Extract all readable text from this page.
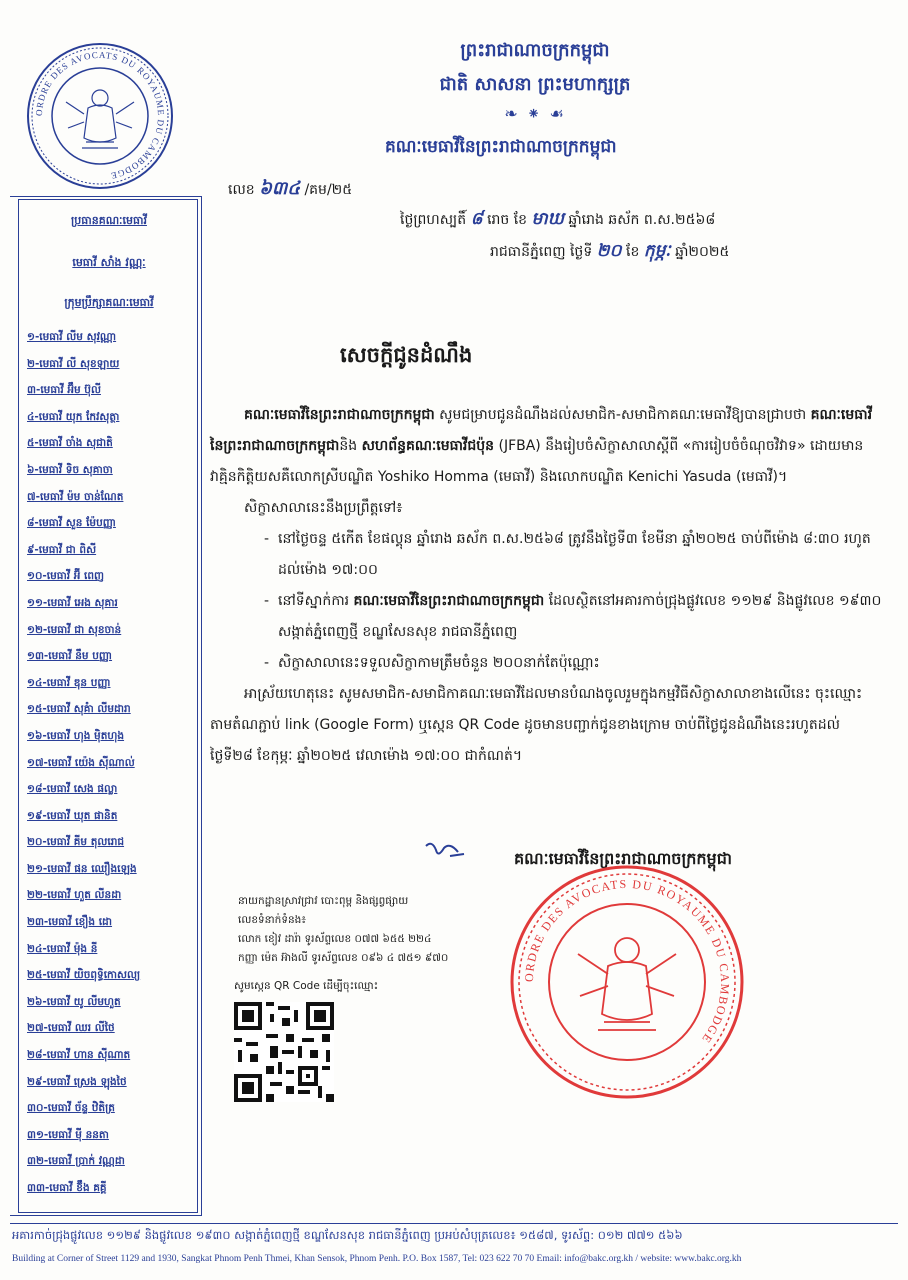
ORDRE DES AVOCATS DU ROYAUME DU CAMBODGE
ព្រះរាជាណាចក្រកម្ពុជា
ជាតិ សាសនា ព្រះមហាក្សត្រ
❧ ⁕ ☙
គណៈមេធាវីនៃព្រះរាជាណាចក្រកម្ពុជា
ប្រធានគណៈមេធាវី
មេធាវី សាំង វណ្ណៈ
ក្រុមប្រឹក្សាគណៈមេធាវី
១-មេធាវី លីម សុវណ្ណា
២-មេធាវី លី សុខឡាយ
៣-មេធាវី អ៊ឹម ប៊ុលី
៤-មេធាវី យុក កែវសុត្ថា
៥-មេធាវី ចាំង សុជាតិ
៦-មេធាវី ទិច សុគាចា
៧-មេធាវី ម៉ម ចាន់ណែត
៨-មេធាវី សួន ម៉ែបញ្ញា
៩-មេធាវី ជា ពិសី
១០-មេធាវី អ៊ី ពេញ
១១-មេធាវី អេង សុគារ
១២-មេធាវី ជា សុខចាន់
១៣-មេធាវី នឹម បញ្ញា
១៤-មេធាវី ឌុន បញ្ញា
១៥-មេធាវី សុគំា លីមដារា
១៦-មេធាវី ហុង ម៉ិតហុង
១៧-មេធាវី យ៉េង ស៊ីណាល់
១៨-មេធាវី សេង ផល្លា
១៩-មេធាវី ឃុត ផានិត
២០-មេធាវី គីម តុលរោជ
២១-មេធាវី ផន ឈឿងឡេង
២២-មេធាវី ហួត លីនដា
២៣-មេធាវី ខឿង ដោ
២៤-មេធាវី ម៉ុង នី
២៥-មេធាវី យិចពុទ្ធិកោសល្យ
២៦-មេធាវី យូ លីមហួត
២៧-មេធាវី ឈរ លីថៃ
២៨-មេធាវី ហាន ស៊ីណាត
២៩-មេធាវី ស្រេង ឡុងថៃ
៣០-មេធាវី ច័ន្ទ ឋិតិត្រ
៣១-មេធាវី ម៉ី ននតា
៣២-មេធាវី ប្រាក់ វណ្ណដា
៣៣-មេធាវី ខ៊ឹង គគ្គី
លេខ ៦៣៤ /គម/២៥
ថ្ងៃព្រហស្បតិ៍ ៨ រោច ខែ មាឃ ឆ្នាំរោង ឆស័ក ព.ស.២៥៦៨
រាជធានីភ្នំពេញ ថ្ងៃទី ២០ ខែ កុម្ភៈ ឆ្នាំ២០២៥
សេចក្ដីជូនដំណឹង

គណៈមេធាវីនៃព្រះរាជាណាចក្រកម្ពុជា សូមជម្រាបជូនដំណឹងដល់សមាជិក-សមាជិកាគណៈមេធាវីឱ្យបានជ្រាបថា គណៈមេធាវីនៃព្រះរាជាណាចក្រកម្ពុជានិង សហព័ន្ធគណៈមេធាវីជប៉ុន (JFBA) នឹងរៀបចំសិក្ខាសាលាស្ដីពី «ការរៀបចំចំណុចវិវាទ» ដោយមានវាគ្មិនកិត្តិយសគឺលោកស្រីបណ្ឌិត Yoshiko Homma (មេធាវី) និងលោកបណ្ឌិត Kenichi Yasuda (មេធាវី)។

សិក្ខាសាលានេះនឹងប្រព្រឹត្តទៅ៖

- នៅថ្ងៃចន្ទ ៥កើត ខែផល្គុន ឆ្នាំរោង ឆស័ក ព.ស.២៥៦៨ ត្រូវនឹងថ្ងៃទី៣ ខែមីនា ឆ្នាំ២០២៥ ចាប់ពីម៉ោង ៨:៣០ រហូតដល់ម៉ោង ១៧:០០
- នៅទីស្នាក់ការ គណៈមេធាវីនៃព្រះរាជាណាចក្រកម្ពុជា ដែលស្ថិតនៅអគារកាច់ជ្រុងផ្លូវលេខ ១១២៩ និងផ្លូវលេខ ១៩៣០ សង្កាត់ភ្នំពេញថ្មី ខណ្ឌសែនសុខ រាជធានីភ្នំពេញ
- សិក្ខាសាលានេះទទួលសិក្ខាកាមត្រឹមចំនួន ២០០នាក់តែប៉ុណ្ណោះ

អាស្រ័យហេតុនេះ សូមសមាជិក-សមាជិកាគណៈមេធាវីដែលមានបំណងចូលរួមក្នុងកម្មវិធីសិក្ខាសាលាខាងលើនេះ ចុះឈ្មោះតាមតំណភ្ជាប់ link (Google Form) ឬស្កេន QR Code ដូចមានបញ្ជាក់ជូនខាងក្រោម ចាប់ពីថ្ងៃជូនដំណឹងនេះរហូតដល់ថ្ងៃទី២៨ ខែកុម្ភៈ ឆ្នាំ២០២៥ វេលាម៉ោង ១៧:០០ ជាកំណត់។

គណៈមេធាវីនៃព្រះរាជាណាចក្រកម្ពុជា
ORDRE DES AVOCATS DU ROYAUME DU CAMBODGE
នាយកដ្ឋានស្រាវជ្រាវ បោះពុម្ព និងផ្សព្វផ្សាយ
លេខទំនាក់ទំនង៖
លោក ខៀវ ដារ៉ា ទូរស័ព្ទលេខ ០៧៧ ៦៥៥ ២២៤
កញ្ញា ម៉េត អ៊ាងលី ទូរស័ព្ទលេខ ០៩៦ ៤ ៧៥១ ៩៧០
សូមស្កេន QR Code ដើម្បីចុះឈ្មោះ
អគារកាច់ជ្រុងផ្លូវលេខ ១១២៩ និងផ្លូវលេខ ១៩៣០ សង្កាត់ភ្នំពេញថ្មី ខណ្ឌសែនសុខ រាជធានីភ្នំពេញ ប្រអប់សំបុត្រលេខ៖ ១៥៨៧, ទូរស័ព្ទ: ០១២ ៧៧១ ៥៦៦
Building at Corner of Street 1129 and 1930, Sangkat Phnom Penh Thmei, Khan Sensok, Phnom Penh. P.O. Box 1587, Tel: 023 622 70 70 Email: info@bakc.org.kh / website: www.bakc.org.kh
